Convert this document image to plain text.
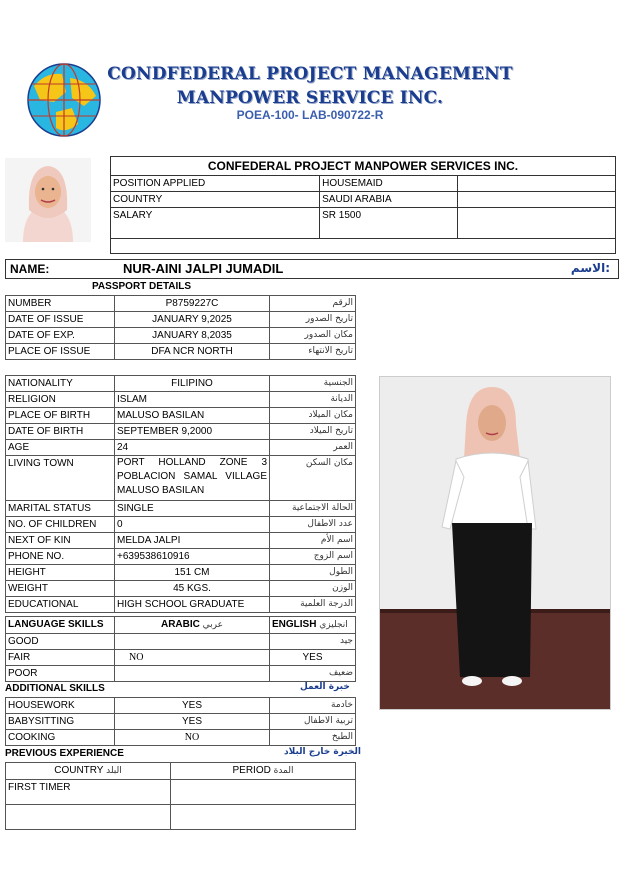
CONDFEDERAL PROJECT MANAGEMENT
MANPOWER SERVICE INC.
POEA-100- LAB-090722-R
CONFEDERAL PROJECT MANPOWER SERVICES INC.		
POSITION APPLIED	HOUSEMAID	
COUNTRY	SAUDI ARABIA	
SALARY	SR 1500	

NAME:	NUR-AINI JALPI JUMADIL	الاسم:
PASSPORT DETAILS
NUMBER	P8759227C	الرقم
DATE OF ISSUE	JANUARY 9,2025	تاريخ الصدور
DATE OF EXP.	JANUARY 8,2035	مكان الصدور
PLACE OF ISSUE	DFA NCR NORTH	تاريخ الانتهاء
NATIONALITY	FILIPINO	الجنسية
RELIGION	ISLAM	الديانة
PLACE OF BIRTH	MALUSO BASILAN	مكان الميلاد
DATE OF BIRTH	SEPTEMBER 9,2000	تاريخ الميلاد
AGE	24	العمر
LIVING TOWN	PORT HOLLAND ZONE 3 POBLACION SAMAL VILLAGE MALUSO BASILAN	مكان السكن
MARITAL STATUS	SINGLE	الحالة الاجتماعية
NO. OF CHILDREN	0	عدد الاطفال
NEXT OF KIN	MELDA JALPI	اسم الأم
PHONE NO.	+639538610916	اسم الزوج
HEIGHT	151 CM	الطول
WEIGHT	45 KGS.	الوزن
EDUCATIONAL	HIGH SCHOOL GRADUATE	الدرجة العلمية
LANGUAGE SKILLS	ARABIC عربي	ENGLISH انجليزي
GOOD		جيد
FAIR	NO	YES
POOR		ضعيف
ADDITIONAL SKILLS	خبرة العمل
HOUSEWORK	YES	خادمة
BABYSITTING	YES	تربية الاطفال
COOKING	NO	الطبخ
PREVIOUS EXPERIENCE	الخبرة خارج البلاد
COUNTRY البلد	PERIOD المدة
FIRST TIMER	
